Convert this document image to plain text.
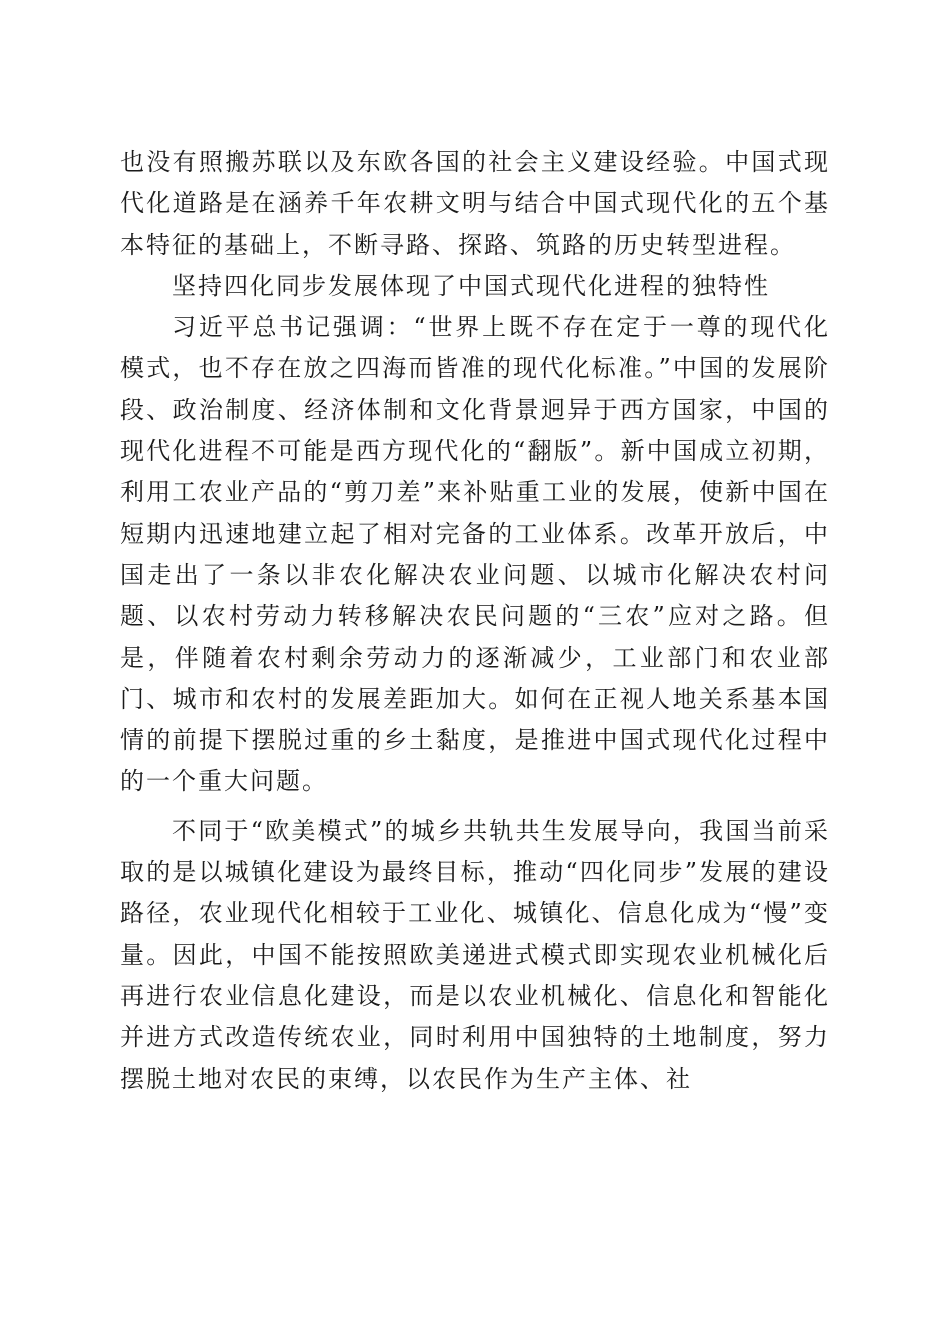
也没有照搬苏联以及东欧各国的社会主义建设经验。中国式现代化道路是在涵养千年农耕文明与结合中国式现代化的五个基本特征的基础上，不断寻路、探路、筑路的历史转型进程。

坚持四化同步发展体现了中国式现代化进程的独特性

习近平总书记强调：“世界上既不存在定于一尊的现代化模式，也不存在放之四海而皆准的现代化标准。”中国的发展阶段、政治制度、经济体制和文化背景迥异于西方国家，中国的现代化进程不可能是西方现代化的“翻版”。新中国成立初期，利用工农业产品的“剪刀差”来补贴重工业的发展，使新中国在短期内迅速地建立起了相对完备的工业体系。改革开放后，中国走出了一条以非农化解决农业问题、以城市化解决农村问题、以农村劳动力转移解决农民问题的“三农”应对之路。但是，伴随着农村剩余劳动力的逐渐减少，工业部门和农业部门、城市和农村的发展差距加大。如何在正视人地关系基本国情的前提下摆脱过重的乡土黏度，是推进中国式现代化过程中的一个重大问题。

不同于“欧美模式”的城乡共轨共生发展导向，我国当前采取的是以城镇化建设为最终目标，推动“四化同步”发展的建设路径，农业现代化相较于工业化、城镇化、信息化成为“慢”变量。因此，中国不能按照欧美递进式模式即实现农业机械化后再进行农业信息化建设，而是以农业机械化、信息化和智能化并进方式改造传统农业，同时利用中国独特的土地制度，努力摆脱土地对农民的束缚，以农民作为生产主体、社
